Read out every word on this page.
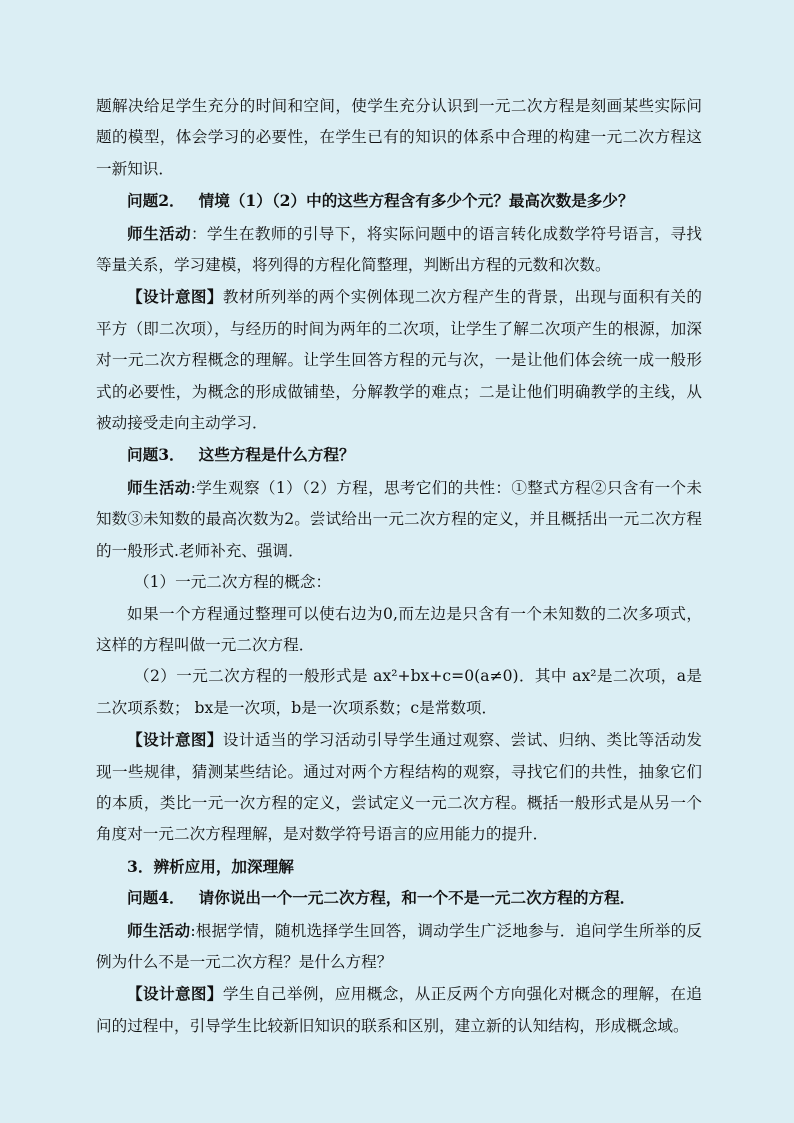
题解决给足学生充分的时间和空间，使学生充分认识到一元二次方程是刻画某些实际问题的模型，体会学习的必要性，在学生已有的知识的体系中合理的构建一元二次方程这一新知识．

问题2． 情境（1）（2）中的这些方程含有多少个元？最高次数是多少？

师生活动：学生在教师的引导下，将实际问题中的语言转化成数学符号语言，寻找等量关系，学习建模，将列得的方程化简整理，判断出方程的元数和次数。

【设计意图】教材所列举的两个实例体现二次方程产生的背景，出现与面积有关的平方（即二次项），与经历的时间为两年的二次项，让学生了解二次项产生的根源，加深对一元二次方程概念的理解。让学生回答方程的元与次，一是让他们体会统一成一般形式的必要性，为概念的形成做铺垫，分解教学的难点；二是让他们明确教学的主线，从被动接受走向主动学习．

问题3． 这些方程是什么方程？

师生活动:学生观察（1）（2）方程，思考它们的共性：①整式方程②只含有一个未知数③未知数的最高次数为2。尝试给出一元二次方程的定义，并且概括出一元二次方程的一般形式.老师补充、强调．

（1）一元二次方程的概念：

如果一个方程通过整理可以使右边为0,而左边是只含有一个未知数的二次多项式，这样的方程叫做一元二次方程．

（2）一元二次方程的一般形式是 ax²+bx+c=0(a≠0)．其中 ax²是二次项，a是二次项系数； bx是一次项，b是一次项系数；c是常数项．

【设计意图】设计适当的学习活动引导学生通过观察、尝试、归纳、类比等活动发现一些规律，猜测某些结论。通过对两个方程结构的观察，寻找它们的共性，抽象它们的本质，类比一元一次方程的定义，尝试定义一元二次方程。概括一般形式是从另一个角度对一元二次方程理解，是对数学符号语言的应用能力的提升．

3．辨析应用，加深理解

问题4． 请你说出一个一元二次方程，和一个不是一元二次方程的方程．

师生活动:根据学情，随机选择学生回答，调动学生广泛地参与．追问学生所举的反例为什么不是一元二次方程？是什么方程？

【设计意图】学生自己举例，应用概念，从正反两个方向强化对概念的理解，在追问的过程中，引导学生比较新旧知识的联系和区别，建立新的认知结构，形成概念域。
